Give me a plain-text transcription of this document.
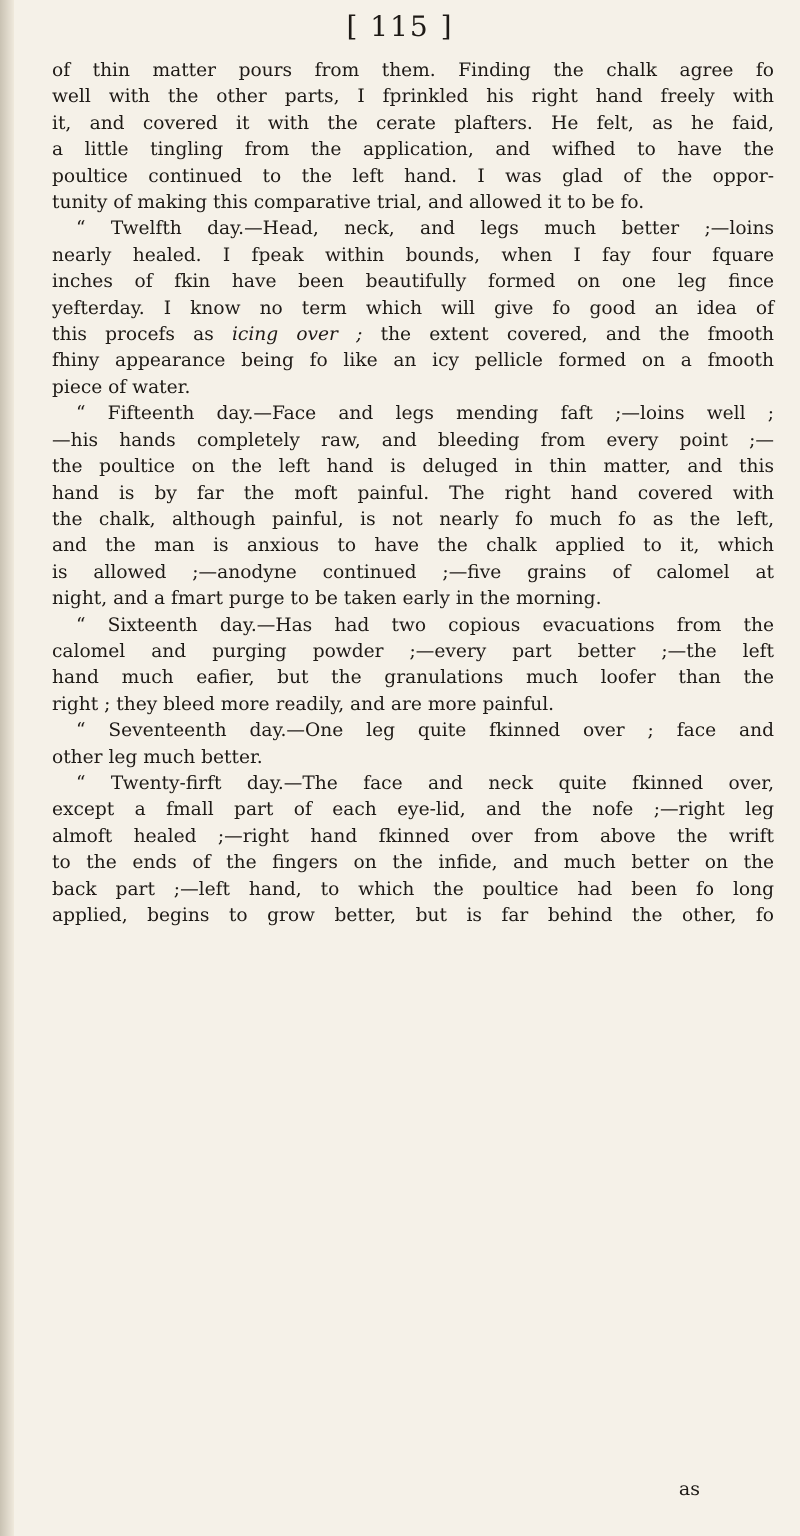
[ 115 ]
of thin matter pours from them. Finding the chalk agree fo
well with the other parts, I fprinkled his right hand freely with
it, and covered it with the cerate plafters. He felt, as he faid,
a little tingling from the application, and wifhed to have the
poultice continued to the left hand. I was glad of the oppor-
tunity of making this comparative trial, and allowed it to be fo.
“ Twelfth day.—Head, neck, and legs much better ;—loins
nearly healed. I fpeak within bounds, when I fay four fquare
inches of fkin have been beautifully formed on one leg fince
yefterday. I know no term which will give fo good an idea of
this procefs as icing over ; the extent covered, and the fmooth
fhiny appearance being fo like an icy pellicle formed on a fmooth
piece of water.
“ Fifteenth day.—Face and legs mending faft ;—loins well ;
—his hands completely raw, and bleeding from every point ;—
the poultice on the left hand is deluged in thin matter, and this
hand is by far the moft painful. The right hand covered with
the chalk, although painful, is not nearly fo much fo as the left,
and the man is anxious to have the chalk applied to it, which
is allowed ;—anodyne continued ;—five grains of calomel at
night, and a fmart purge to be taken early in the morning.
“ Sixteenth day.—Has had two copious evacuations from the
calomel and purging powder ;—every part better ;—the left
hand much eafier, but the granulations much loofer than the
right ; they bleed more readily, and are more painful.
“ Seventeenth day.—One leg quite fkinned over ; face and
other leg much better.
“ Twenty-firft day.—The face and neck quite fkinned over,
except a fmall part of each eye-lid, and the nofe ;—right leg
almoft healed ;—right hand fkinned over from above the wrift
to the ends of the fingers on the infide, and much better on the
back part ;—left hand, to which the poultice had been fo long
applied, begins to grow better, but is far behind the other, fo
as
